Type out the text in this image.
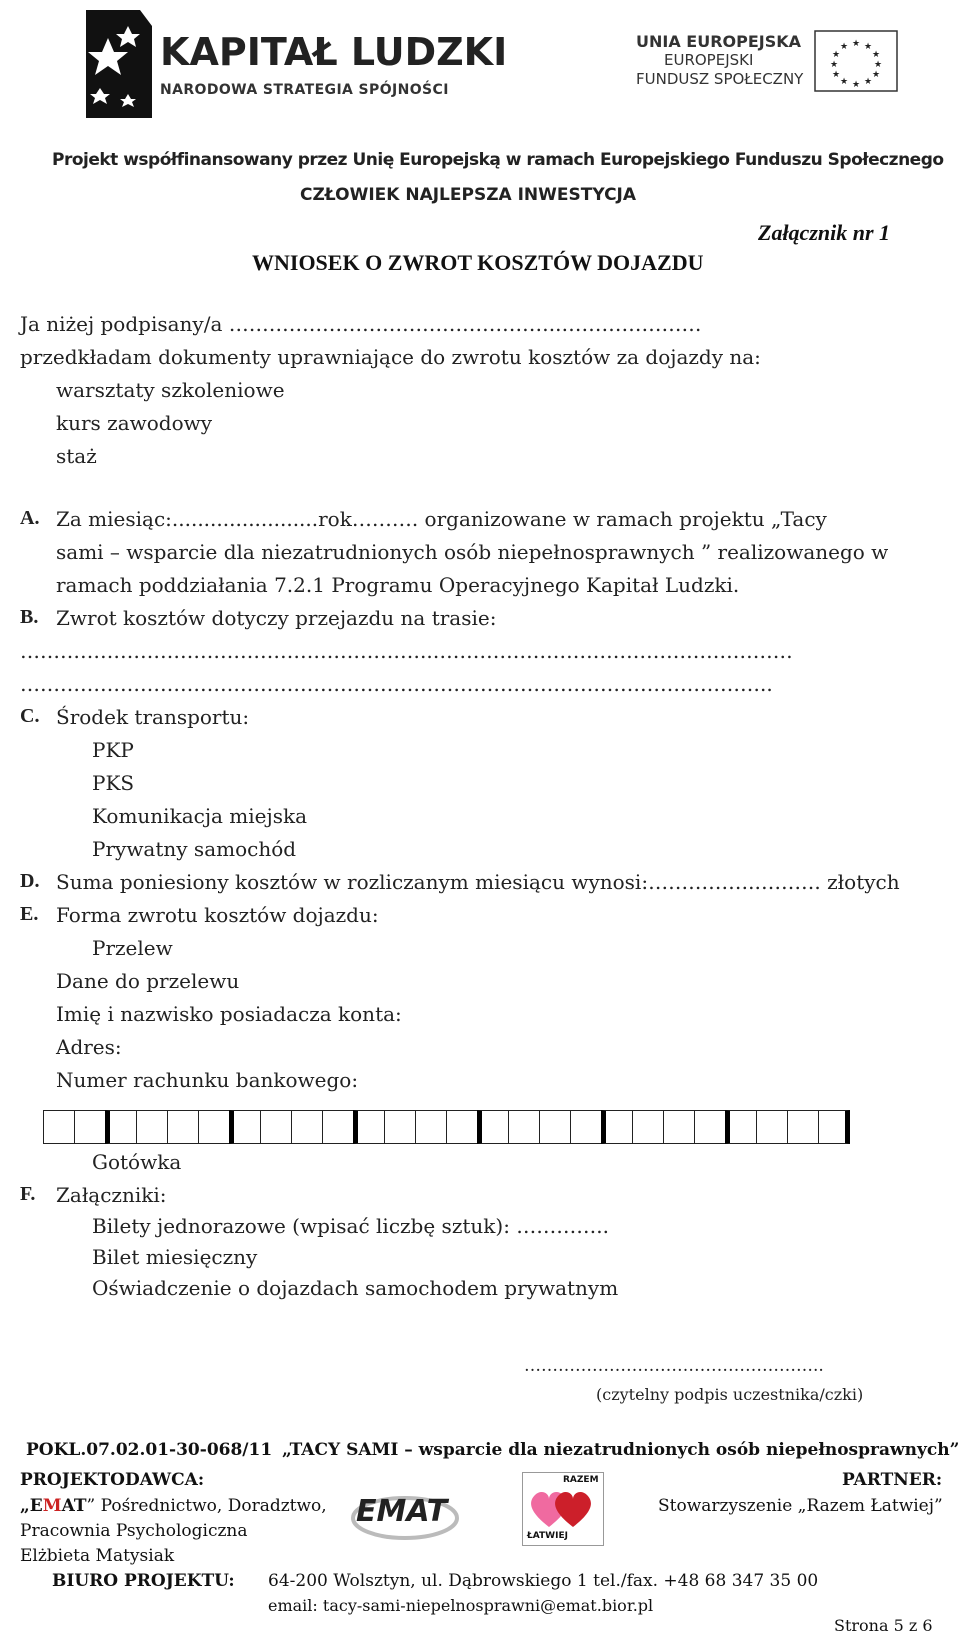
KAPITAŁ LUDZKI
NARODOWA STRATEGIA SPÓJNOŚCI
UNIA EUROPEJSKA
EUROPEJSKI
FUNDUSZ SPOŁECZNY
★ ★
★
★
★
★
★
★
★
★
★
★
Projekt współfinansowany przez Unię Europejską w ramach Europejskiego Funduszu Społecznego
CZŁOWIEK NAJLEPSZA INWESTYCJA
Załącznik nr 1
WNIOSEK O ZWROT KOSZTÓW DOJAZDU
Ja niżej podpisany/a …………………………………………..…………………
przedkładam dokumenty uprawniające do zwrotu kosztów za dojazdy na:
warsztaty szkoleniowe
kurs zawodowy
staż
A. Za miesiąc:.......................rok………. organizowane w ramach projektu „Tacy
sami – wsparcie dla niezatrudnionych osób niepełnosprawnych ” realizowanego w
ramach poddziałania 7.2.1 Programu Operacyjnego Kapitał Ludzki.
B. Zwrot kosztów dotyczy przejazdu na trasie:
……………………………………………………..………………………………………………
…………………………………………………………………………………………………..
C. Środek transportu:
PKP
PKS
Komunikacja miejska
Prywatny samochód
D. Suma poniesiony kosztów w rozliczanym miesiącu wynosi:…………….………. złotych
E. Forma zwrotu kosztów dojazdu:
Przelew
Dane do przelewu
Imię i nazwisko posiadacza konta:
Adres:
Numer rachunku bankowego:
Gotówka
F. Załączniki:
Bilety jednorazowe (wpisać liczbę sztuk): …………..
Bilet miesięczny
Oświadczenie o dojazdach samochodem prywatnym
……………………………………………..
(czytelny podpis uczestnika/czki)
POKL.07.02.01-30-068/11 „TACY SAMI – wsparcie dla niezatrudnionych osób niepełnosprawnych”
PROJEKTODAWCA:
„EMAT” Pośrednictwo, Doradztwo,
Pracownia Psychologiczna
Elżbieta Matysiak
EMAT
RAZEM
ŁATWIEJ
PARTNER:
Stowarzyszenie „Razem Łatwiej”
BIURO PROJEKTU: 64-200 Wolsztyn, ul. Dąbrowskiego 1 tel./fax. +48 68 347 35 00
email: tacy-sami-niepelnosprawni@emat.bior.pl
Strona 5 z 6
